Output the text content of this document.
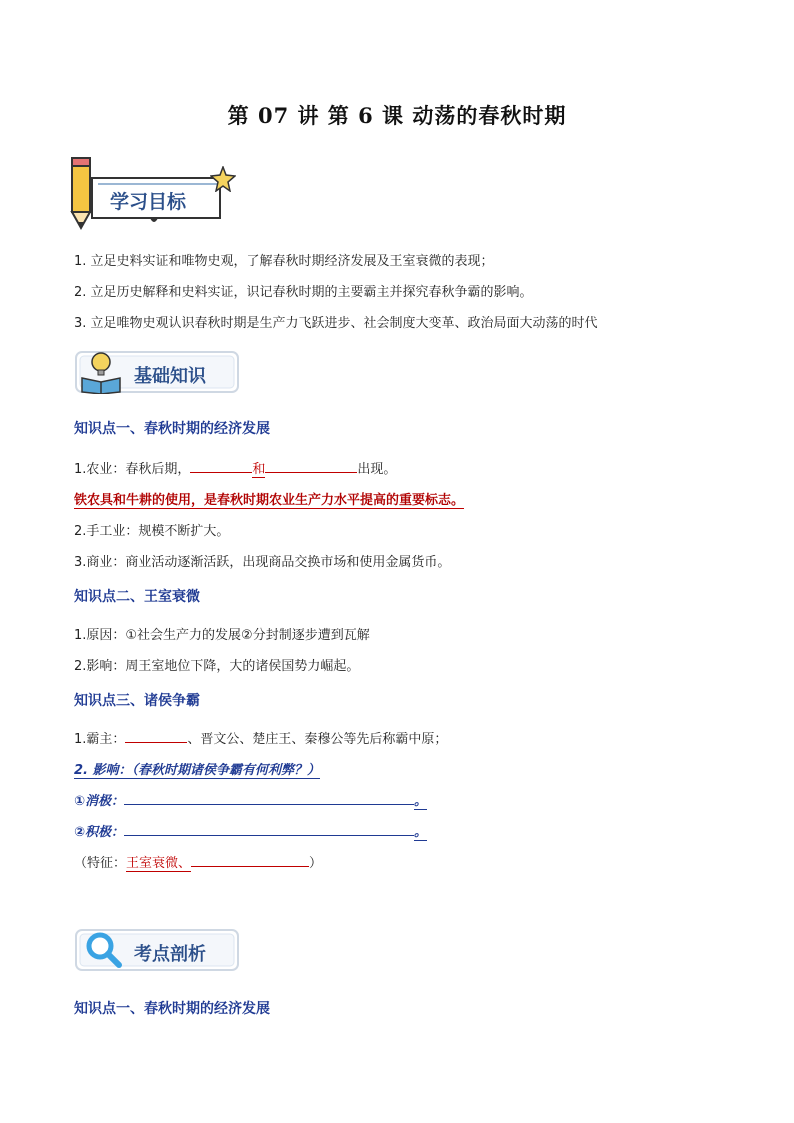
第 07 讲 第 6 课 动荡的春秋时期
学习目标
1. 立足史料实证和唯物史观，了解春秋时期经济发展及王室衰微的表现；
2. 立足历史解释和史料实证，识记春秋时期的主要霸主并探究春秋争霸的影响。
3. 立足唯物史观认识春秋时期是生产力飞跃进步、社会制度大变革、政治局面大动荡的时代
基础知识
知识点一、春秋时期的经济发展
1.农业：春秋后期，	和	出现。
铁农具和牛耕的使用，是春秋时期农业生产力水平提高的重要标志。
2.手工业：规模不断扩大。
3.商业：商业活动逐渐活跃，出现商品交换市场和使用金属货币。
知识点二、王室衰微
1.原因：①社会生产力的发展②分封制逐步遭到瓦解
2.影响：周王室地位下降，大的诸侯国势力崛起。
知识点三、诸侯争霸
1.霸主：	、晋文公、楚庄王、秦穆公等先后称霸中原；
2. 影响：（春秋时期诸侯争霸有何利弊？）
①消极：	。
②积极：	。
（特征：王室衰微、	）
考点剖析
知识点一、春秋时期的经济发展
